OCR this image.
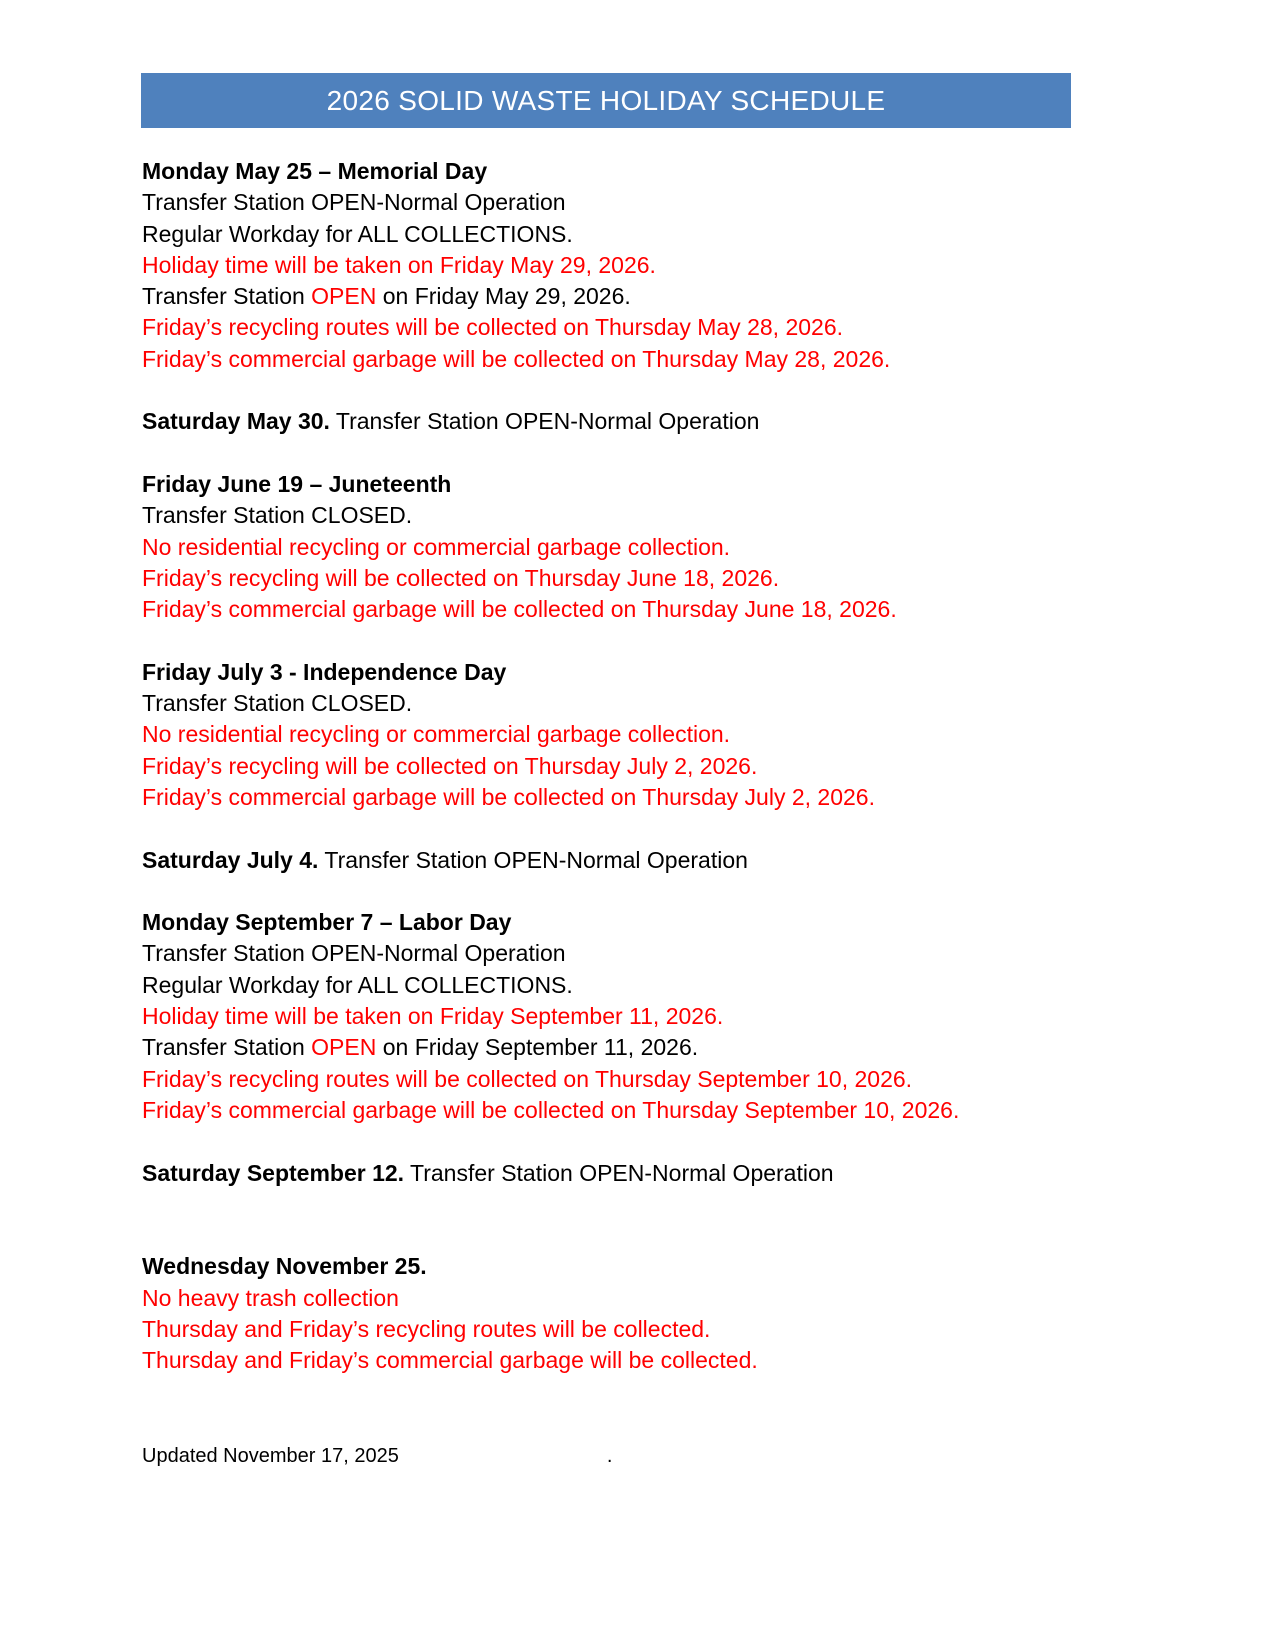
2026 SOLID WASTE HOLIDAY SCHEDULE
Monday May 25 – Memorial Day
Transfer Station OPEN-Normal Operation
Regular Workday for ALL COLLECTIONS.
Holiday time will be taken on Friday May 29, 2026.
Transfer Station OPEN on Friday May 29, 2026.
Friday’s recycling routes will be collected on Thursday May 28, 2026.
Friday’s commercial garbage will be collected on Thursday May 28, 2026.
Saturday May 30. Transfer Station OPEN-Normal Operation
Friday June 19 – Juneteenth
Transfer Station CLOSED.
No residential recycling or commercial garbage collection.
Friday’s recycling will be collected on Thursday June 18, 2026.
Friday’s commercial garbage will be collected on Thursday June 18, 2026.
Friday July 3 - Independence Day
Transfer Station CLOSED.
No residential recycling or commercial garbage collection.
Friday’s recycling will be collected on Thursday July 2, 2026.
Friday’s commercial garbage will be collected on Thursday July 2, 2026.
Saturday July 4. Transfer Station OPEN-Normal Operation
Monday September 7 – Labor Day
Transfer Station OPEN-Normal Operation
Regular Workday for ALL COLLECTIONS.
Holiday time will be taken on Friday September 11, 2026.
Transfer Station OPEN on Friday September 11, 2026.
Friday’s recycling routes will be collected on Thursday September 10, 2026.
Friday’s commercial garbage will be collected on Thursday September 10, 2026.
Saturday September 12. Transfer Station OPEN-Normal Operation
Wednesday November 25.
No heavy trash collection
Thursday and Friday’s recycling routes will be collected.
Thursday and Friday’s commercial garbage will be collected.
Updated November 17, 2025	.
